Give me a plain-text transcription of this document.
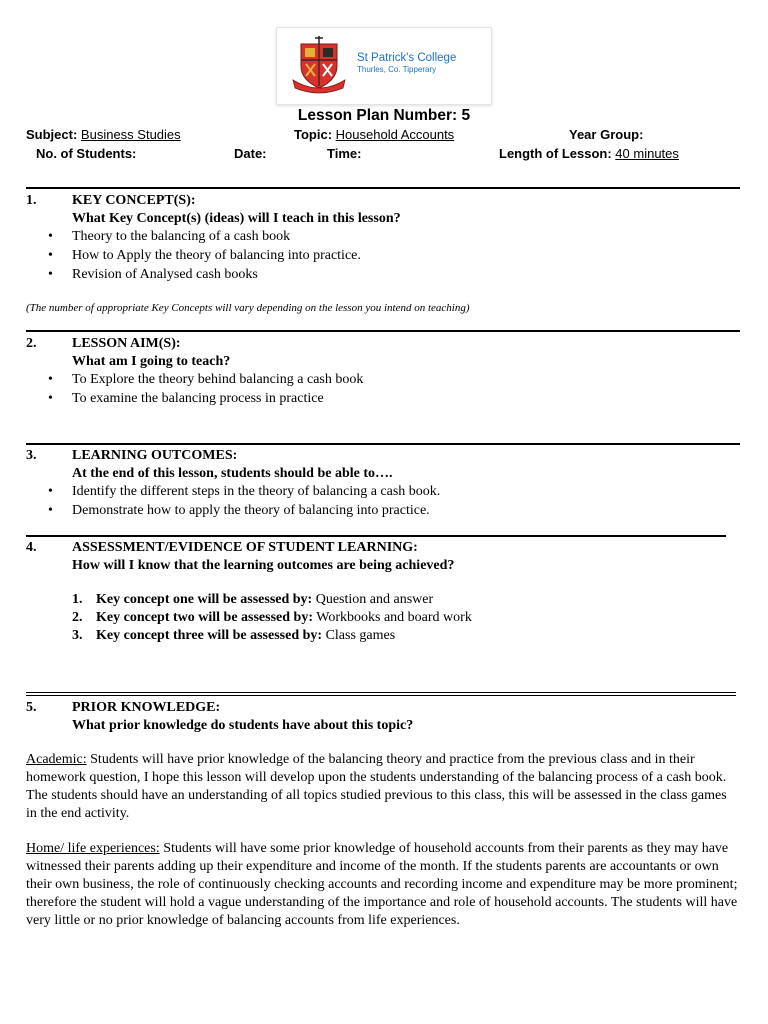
St Patrick's College
Thurles, Co. Tipperary
Lesson Plan Number: 5
Subject: Business Studies	Topic: Household Accounts	Year Group:
No. of Students:	Date:	Time:	Length of Lesson: 40 minutes
1.	KEY CONCEPT(S):
What Key Concept(s) (ideas) will I teach in this lesson?
• Theory to the balancing of a cash book
• How to Apply the theory of balancing into practice.
• Revision of Analysed cash books
(The number of appropriate Key Concepts will vary depending on the lesson you intend on teaching)
2.	LESSON AIM(S):
What am I going to teach?
• To Explore the theory behind balancing a cash book
• To examine the balancing process in practice
3.	LEARNING OUTCOMES:
At the end of this lesson, students should be able to….
• Identify the different steps in the theory of balancing a cash book.
• Demonstrate how to apply the theory of balancing into practice.
4.	ASSESSMENT/EVIDENCE OF STUDENT LEARNING:
How will I know that the learning outcomes are being achieved?
1. Key concept one will be assessed by: Question and answer
2. Key concept two will be assessed by: Workbooks and board work
3. Key concept three will be assessed by: Class games
5.	PRIOR KNOWLEDGE:
What prior knowledge do students have about this topic?
Academic: Students will have prior knowledge of the balancing theory and practice from the previous class and in their homework question, I hope this lesson will develop upon the students understanding of the balancing process of a cash book. The students should have an understanding of all topics studied previous to this class, this will be assessed in the class games in the end activity.
Home/ life experiences: Students will have some prior knowledge of household accounts from their parents as they may have witnessed their parents adding up their expenditure and income of the month. If the students parents are accountants or own their own business, the role of continuously checking accounts and recording income and expenditure may be more prominent; therefore the student will hold a vague understanding of the importance and role of household accounts. The students will have very little or no prior knowledge of balancing accounts from life experiences.
